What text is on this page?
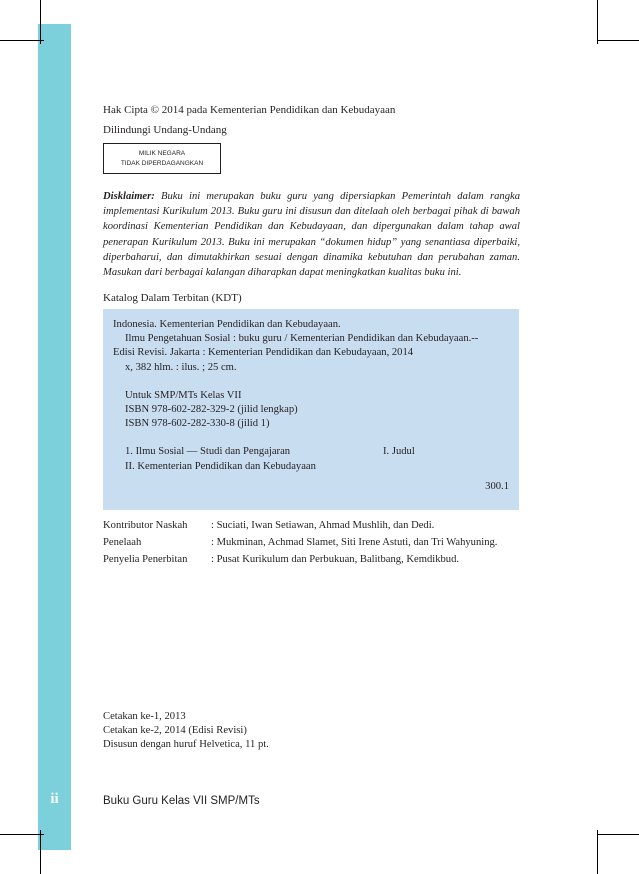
Hak Cipta © 2014 pada Kementerian Pendidikan dan Kebudayaan
Dilindungi Undang-Undang
MILIK NEGARA
TIDAK DIPERDAGANGKAN
Disklaimer: Buku ini merupakan buku guru yang dipersiapkan Pemerintah dalam rangka implementasi Kurikulum 2013. Buku guru ini disusun dan ditelaah oleh berbagai pihak di bawah koordinasi Kementerian Pendidikan dan Kebudayaan, dan dipergunakan dalam tahap awal penerapan Kurikulum 2013. Buku ini merupakan “dokumen hidup” yang senantiasa diperbaiki, diperbaharui, dan dimutakhirkan sesuai dengan dinamika kebutuhan dan perubahan zaman. Masukan dari berbagai kalangan diharapkan dapat meningkatkan kualitas buku ini.
Katalog Dalam Terbitan (KDT)
Indonesia. Kementerian Pendidikan dan Kebudayaan.
Ilmu Pengetahuan Sosial : buku guru / Kementerian Pendidikan dan Kebudayaan.--
Edisi Revisi. Jakarta : Kementerian Pendidikan dan Kebudayaan, 2014
x, 382 hlm. : ilus. ; 25 cm.
Untuk SMP/MTs Kelas VII
ISBN 978-602-282-329-2 (jilid lengkap)
ISBN 978-602-282-330-8 (jilid 1)
1. Ilmu Sosial — Studi dan Pengajaran	I. Judul
II. Kementerian Pendidikan dan Kebudayaan
300.1
Kontributor Naskah : Suciati, Iwan Setiawan, Ahmad Mushlih, dan Dedi.
Penelaah	: Mukminan, Achmad Slamet, Siti Irene Astuti, dan Tri Wahyuning.
Penyelia Penerbitan : Pusat Kurikulum dan Perbukuan, Balitbang, Kemdikbud.
Cetakan ke-1, 2013
Cetakan ke-2, 2014 (Edisi Revisi)
Disusun dengan huruf Helvetica, 11 pt.
ii	Buku Guru Kelas VII SMP/MTs
